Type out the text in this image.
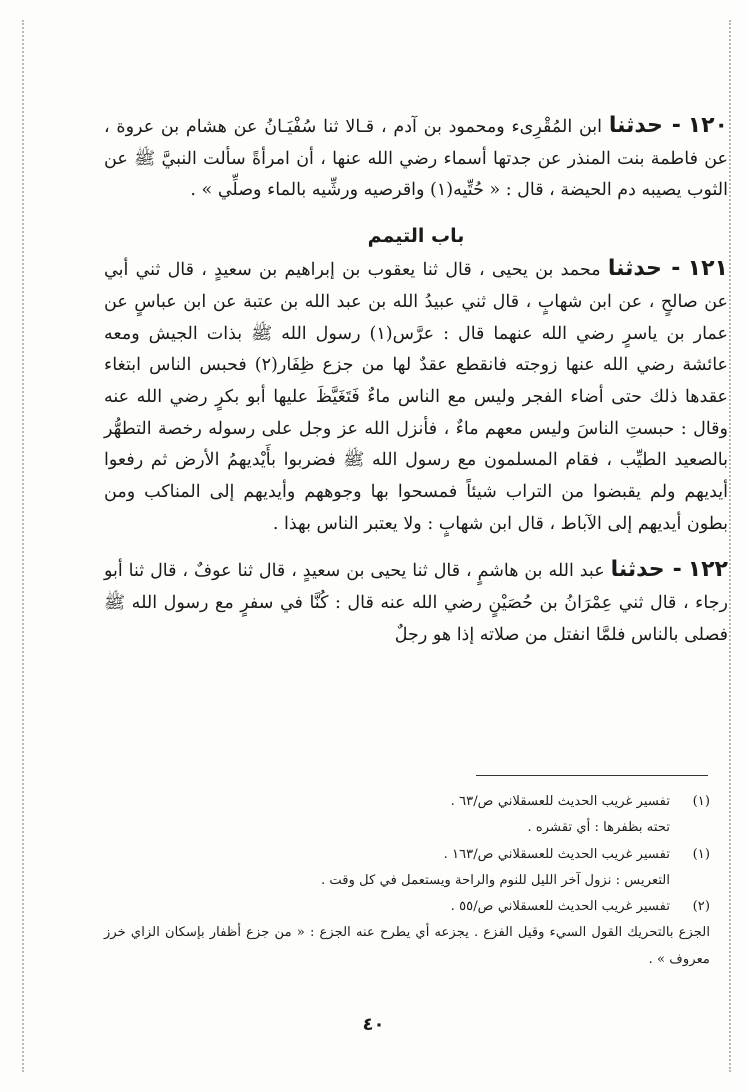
١٢٠ - حدثنا ابن المُقْرِىء ومحمود بن آدم ، قـالا ثنا سُفْيَـانُ عن هشام بن عروة ، عن فاطمة بنت المنذر عن جدتها أسماء رضي الله عنها ، أن امرأةً سألت النبيَّ ﷺ عن الثوب يصيبه دم الحيضة ، قال : « حُتِّيه(١) واقرصيه ورشِّيه بالماء وصلِّي » .

باب التيمم

١٢١ - حدثنا محمد بن يحيى ، قال ثنا يعقوب بن إبراهيم بن سعيدٍ ، قال ثني أبي عن صالحٍ ، عن ابن شهابٍ ، قال ثني عبيدُ الله بن عبد الله بن عتبة عن ابن عباسٍ عن عمار بن ياسرٍ رضي الله عنهما قال : عرَّس(١) رسول الله ﷺ بذات الجيش ومعه عائشة رضي الله عنها زوجته فانقطع عقدٌ لها من جزع ظِفَار(٢) فحبس الناس ابتغاء عقدها ذلك حتى أضاء الفجر وليس مع الناس ماءٌ فَتَغَيَّظَ عليها أبو بكرٍ رضي الله عنه وقال : حبستِ الناسَ وليس معهم ماءٌ ، فأنزل الله عز وجل على رسوله رخصة التطهُّر بالصعيد الطيِّب ، فقام المسلمون مع رسول الله ﷺ فضربوا بأَيْديهمُ الأرض ثم رفعوا أيديهم ولم يقبضوا من التراب شيئاً فمسحوا بها وجوههم وأيديهم إلى المناكب ومن بطون أيديهم إلى الآباط ، قال ابن شهابٍ : ولا يعتبر الناس بهذا .

١٢٢ - حدثنا عبد الله بن هاشمٍ ، قال ثنا يحيى بن سعيدٍ ، قال ثنا عوفٌ ، قال ثنا أبو رجاء ، قال ثني عِمْرَانُ بن حُصَيْنٍ رضي الله عنه قال : كُنَّا في سفرٍ مع رسول الله ﷺ فصلى بالناس فلمَّا انفتل من صلاته إذا هو رجلٌ

(١)
تفسير غريب الحديث للعسقلاني ص/٦٣ .

تحته بظفرها : أي تقشره .

(١)
تفسير غريب الحديث للعسقلاني ص/١٦٣ .

التعريس : نزول آخر الليل للنوم والراحة ويستعمل في كل وقت .

(٢)
تفسير غريب الحديث للعسقلاني ص/٥٥ .

الجزع بالتحريك القول السيء وقيل الفزع . يجزعه أي يطرح عنه الجزع : « من جزع أظفار بإسكان الزاي خرز معروف » .

٤٠
